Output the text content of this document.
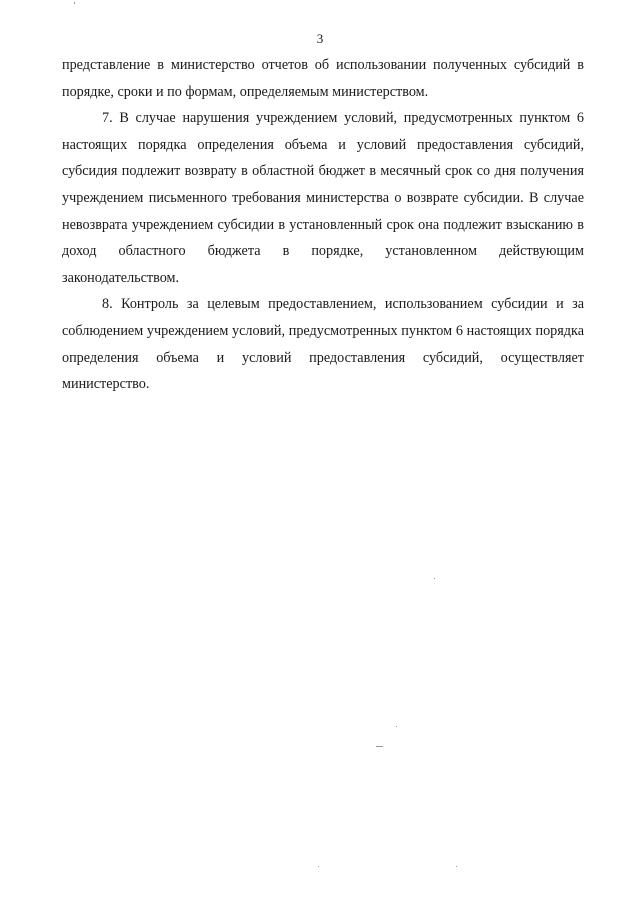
3

представление в министерство отчетов об использовании полученных субсидий в порядке, сроки и по формам, определяемым министерством.

7. В случае нарушения учреждением условий, предусмотренных пунктом 6 настоящих порядка определения объема и условий предоставления субсидий, субсидия подлежит возврату в областной бюджет в месячный срок со дня получения учреждением письменного требования министерства о возврате субсидии. В случае невозврата учреждением субсидии в установленный срок она подлежит взысканию в доход областного бюджета в порядке, установленном действующим законодательством.

8. Контроль за целевым предоставлением, использованием субсидии и за соблюдением учреждением условий, предусмотренных пунктом 6 настоящих порядка определения объема и условий предоставления субсидий, осуществляет министерство.
